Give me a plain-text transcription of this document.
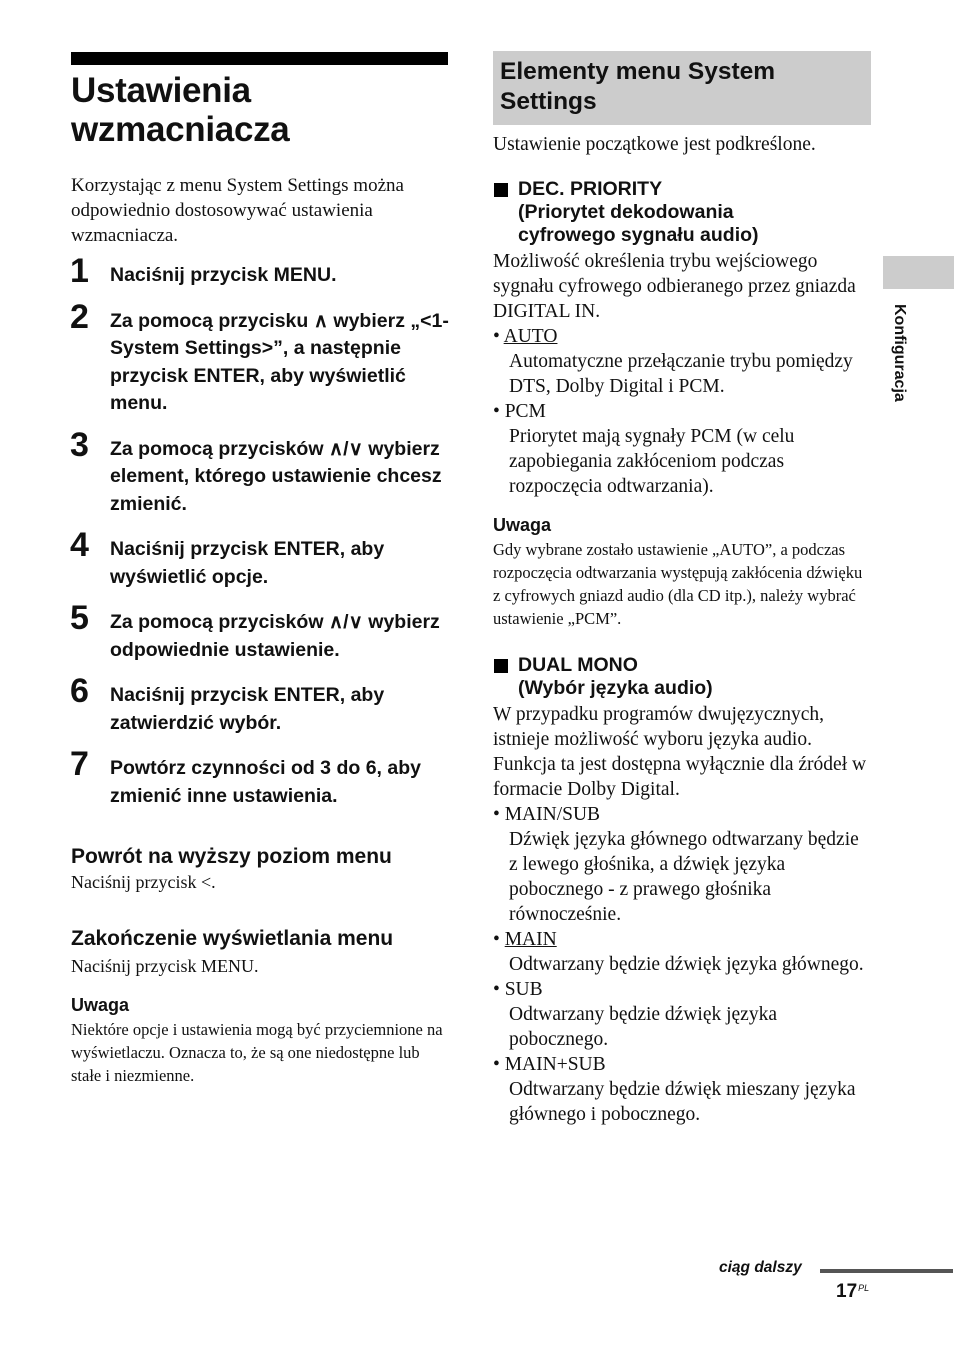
Ustawienia wzmacniacza
Korzystając z menu System Settings można odpowiednio dostosowywać ustawienia wzmacniacza.
1 Naciśnij przycisk MENU.
2 Za pomocą przycisku ∧ wybierz „<1-System Settings>”, a następnie przycisk ENTER, aby wyświetlić menu.
3 Za pomocą przycisków ∧/∨ wybierz element, którego ustawienie chcesz zmienić.
4 Naciśnij przycisk ENTER, aby wyświetlić opcje.
5 Za pomocą przycisków ∧/∨ wybierz odpowiednie ustawienie.
6 Naciśnij przycisk ENTER, aby zatwierdzić wybór.
7 Powtórz czynności od 3 do 6, aby zmienić inne ustawienia.
Powrót na wyższy poziom menu
Naciśnij przycisk <.
Zakończenie wyświetlania menu
Naciśnij przycisk MENU.
Uwaga
Niektóre opcje i ustawienia mogą być przyciemnione na wyświetlaczu. Oznacza to, że są one niedostępne lub stałe i niezmienne.
Elementy menu System Settings
Ustawienie początkowe jest podkreślone.
DEC. PRIORITY
(Priorytet dekodowania
cyfrowego sygnału audio)
Możliwość określenia trybu wejściowego sygnału cyfrowego odbieranego przez gniazda DIGITAL IN.
• AUTO
Automatyczne przełączanie trybu pomiędzy DTS, Dolby Digital i PCM.
• PCM
Priorytet mają sygnały PCM (w celu zapobiegania zakłóceniom podczas rozpoczęcia odtwarzania).
Uwaga
Gdy wybrane zostało ustawienie „AUTO”, a podczas rozpoczęcia odtwarzania występują zakłócenia dźwięku z cyfrowych gniazd audio (dla CD itp.), należy wybrać ustawienie „PCM”.
DUAL MONO
(Wybór języka audio)
W przypadku programów dwujęzycznych, istnieje możliwość wyboru języka audio. Funkcja ta jest dostępna wyłącznie dla źródeł w formacie Dolby Digital.
• MAIN/SUB
Dźwięk języka głównego odtwarzany będzie z lewego głośnika, a dźwięk języka pobocznego - z prawego głośnika równocześnie.
• MAIN
Odtwarzany będzie dźwięk języka głównego.
• SUB
Odtwarzany będzie dźwięk języka pobocznego.
• MAIN+SUB
Odtwarzany będzie dźwięk mieszany języka głównego i pobocznego.
Konfiguracja
ciąg dalszy
$17^{PL}$
